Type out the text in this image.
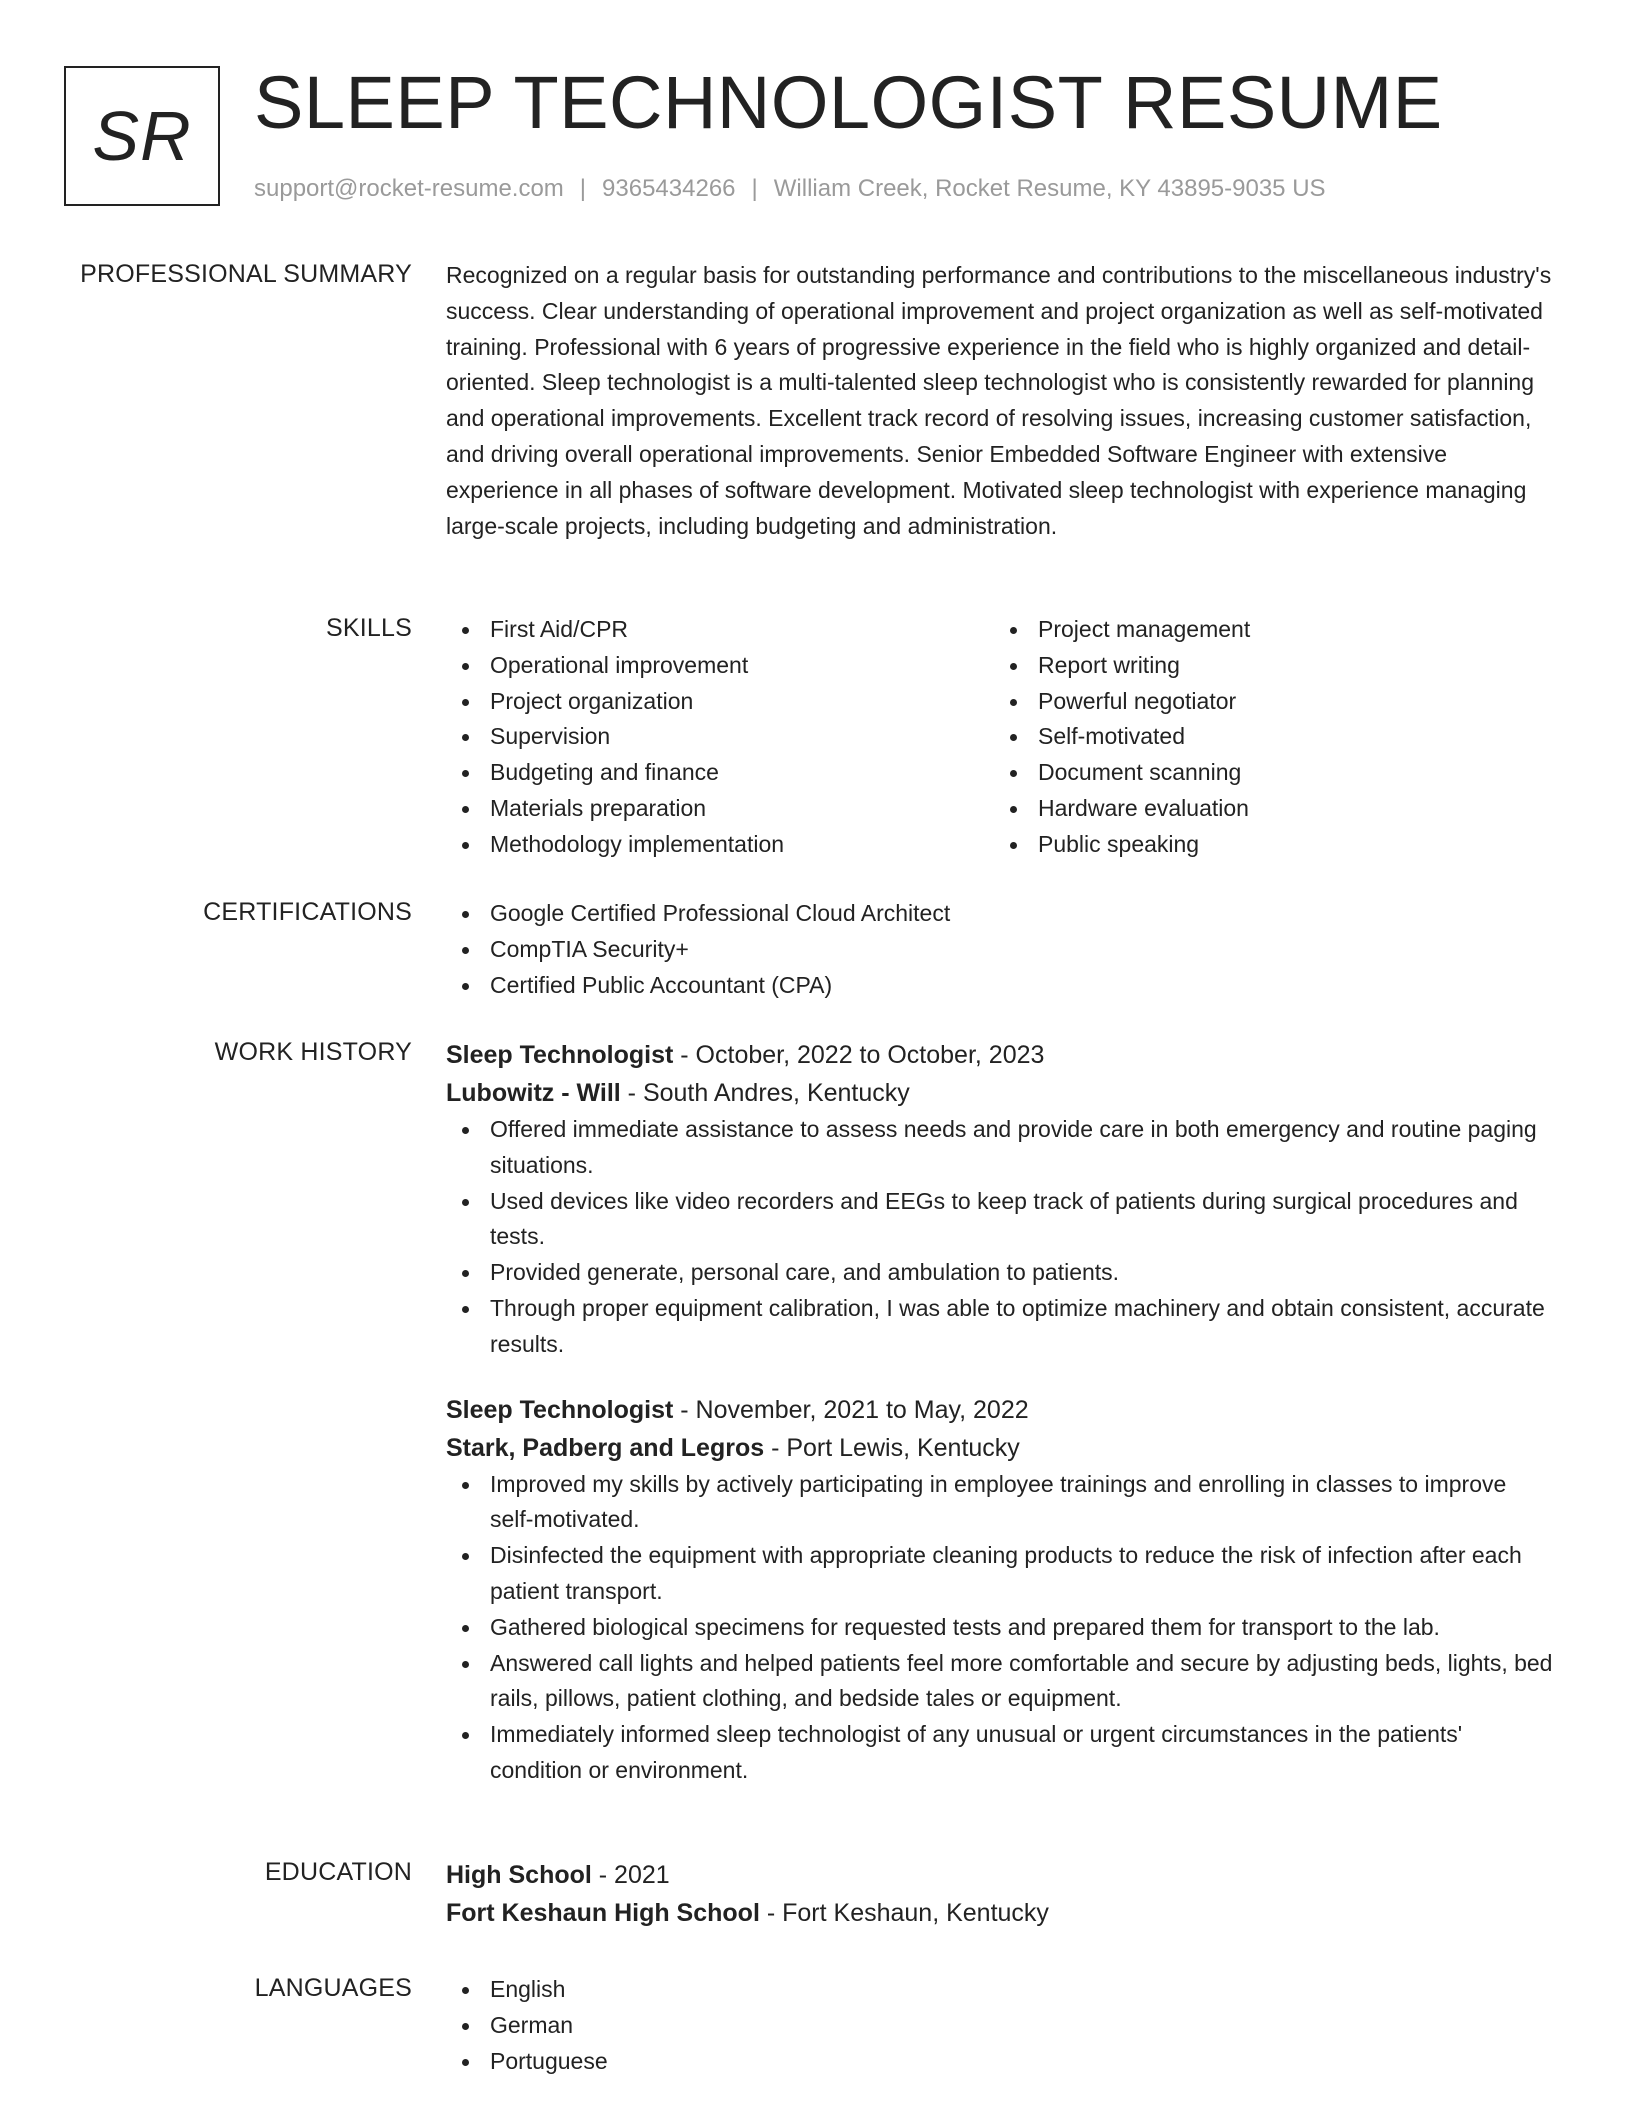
SR SLEEP TECHNOLOGIST RESUME
support@rocket-resume.com | 9365434266 | William Creek, Rocket Resume, KY 43895-9035 US
PROFESSIONAL SUMMARY Recognized on a regular basis for outstanding performance and contributions to the miscellaneous industry's success. Clear understanding of operational improvement and project organization as well as self-motivated training. Professional with 6 years of progressive experience in the field who is highly organized and detail-oriented. Sleep technologist is a multi-talented sleep technologist who is consistently rewarded for planning and operational improvements. Excellent track record of resolving issues, increasing customer satisfaction, and driving overall operational improvements. Senior Embedded Software Engineer with extensive experience in all phases of software development. Motivated sleep technologist with experience managing large-scale projects, including budgeting and administration.

SKILLS	First Aid/CPR
Operational improvement
Project organization
Supervision
Budgeting and finance
Materials preparation
Methodology implementation
Project management
Report writing
Powerful negotiator
Self-motivated
Document scanning
Hardware evaluation
Public speaking
CERTIFICATIONS	Google Certified Professional Cloud Architect
CompTIA Security+
Certified Public Accountant (CPA)
WORK HISTORY Sleep Technologist - October, 2022 to October, 2023
Lubowitz - Will - South Andres, Kentucky
Offered immediate assistance to assess needs and provide care in both emergency and routine paging situations.
Used devices like video recorders and EEGs to keep track of patients during surgical procedures and tests.
Provided generate, personal care, and ambulation to patients.
Through proper equipment calibration, I was able to optimize machinery and obtain consistent, accurate results.
Sleep Technologist - November, 2021 to May, 2022
Stark, Padberg and Legros - Port Lewis, Kentucky
Improved my skills by actively participating in employee trainings and enrolling in classes to improve self-motivated.
Disinfected the equipment with appropriate cleaning products to reduce the risk of infection after each patient transport.
Gathered biological specimens for requested tests and prepared them for transport to the lab.
Answered call lights and helped patients feel more comfortable and secure by adjusting beds, lights, bed rails, pillows, patient clothing, and bedside tales or equipment.
Immediately informed sleep technologist of any unusual or urgent circumstances in the patients' condition or environment.
EDUCATION High School - 2021
Fort Keshaun High School - Fort Keshaun, Kentucky
LANGUAGES	English
German
Portuguese
